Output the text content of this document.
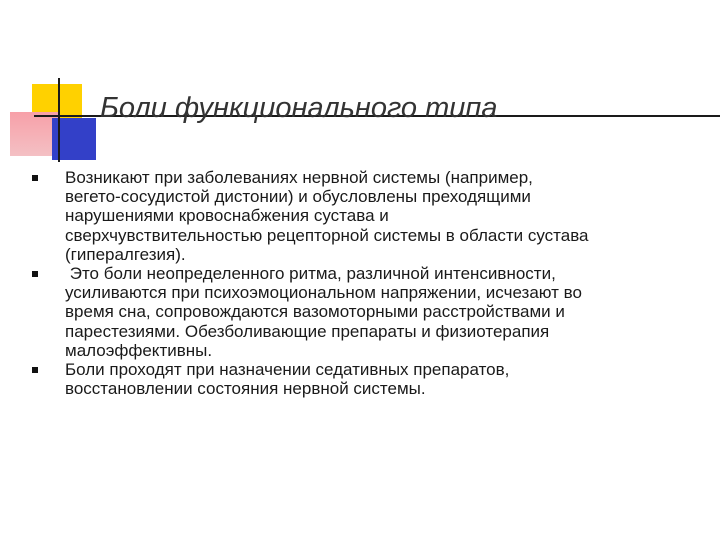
Боли функционального типа
Возникают при заболеваниях нервной системы (например,
вегето-сосудистой дистонии) и обусловлены преходящими
нарушениями кровоснабжения сустава и
сверхчувствительностью рецепторной системы в области сустава
(гипералгезия).
Это боли неопределенного ритма, различной интенсивности,
усиливаются при психоэмоциональном напряжении, исчезают во
время сна, сопровождаются вазомоторными расстройствами и
парестезиями. Обезболивающие препараты и физиотерапия
малоэффективны.
Боли проходят при назначении седативных препаратов,
восстановлении состояния нервной системы.
